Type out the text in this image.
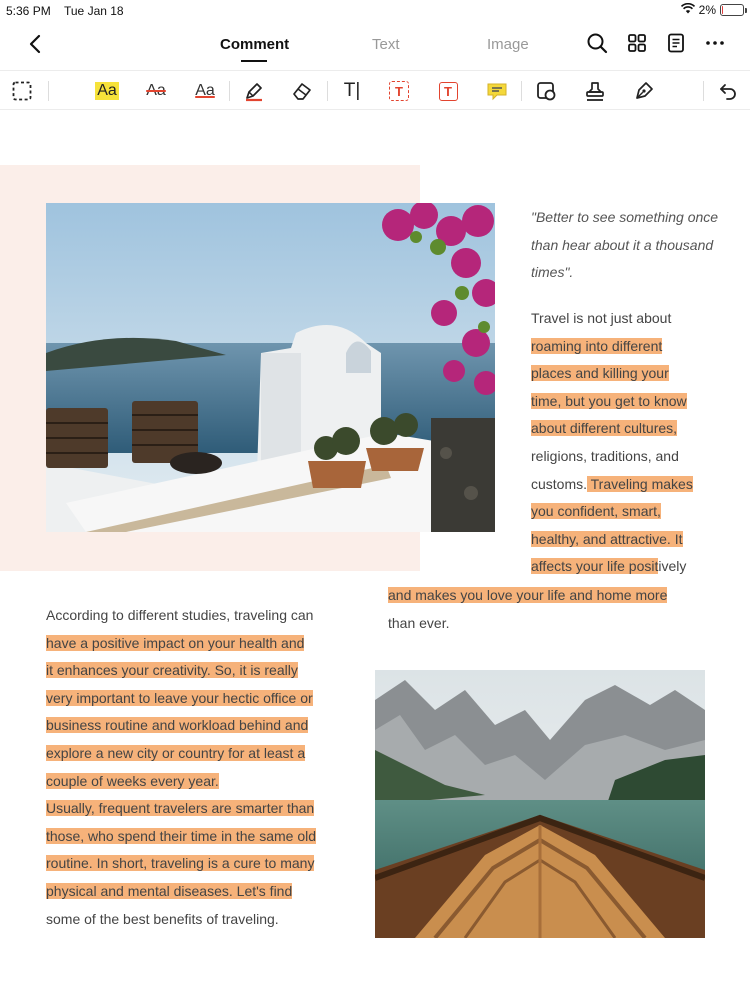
5:36 PM Tue Jan 18	2%
Comment	Text	Image
Aa Aa Aa	T|	T	T
"Better to see something once than hear about it a thousand times".
Travel is not just about
roaming into different
places and killing your
time, but you get to know
about different cultures,
religions, traditions, and
customs. Traveling makes
you confident, smart,
healthy, and attractive. It
affects your life positively
and makes you love your life and home more
than ever.
According to different studies, traveling can
have a positive impact on your health and
it enhances your creativity. So, it is really
very important to leave your hectic office or
business routine and workload behind and
explore a new city or country for at least a
couple of weeks every year.
Usually, frequent travelers are smarter than
those, who spend their time in the same old
routine. In short, traveling is a cure to many
physical and mental diseases. Let's find
some of the best benefits of traveling.
